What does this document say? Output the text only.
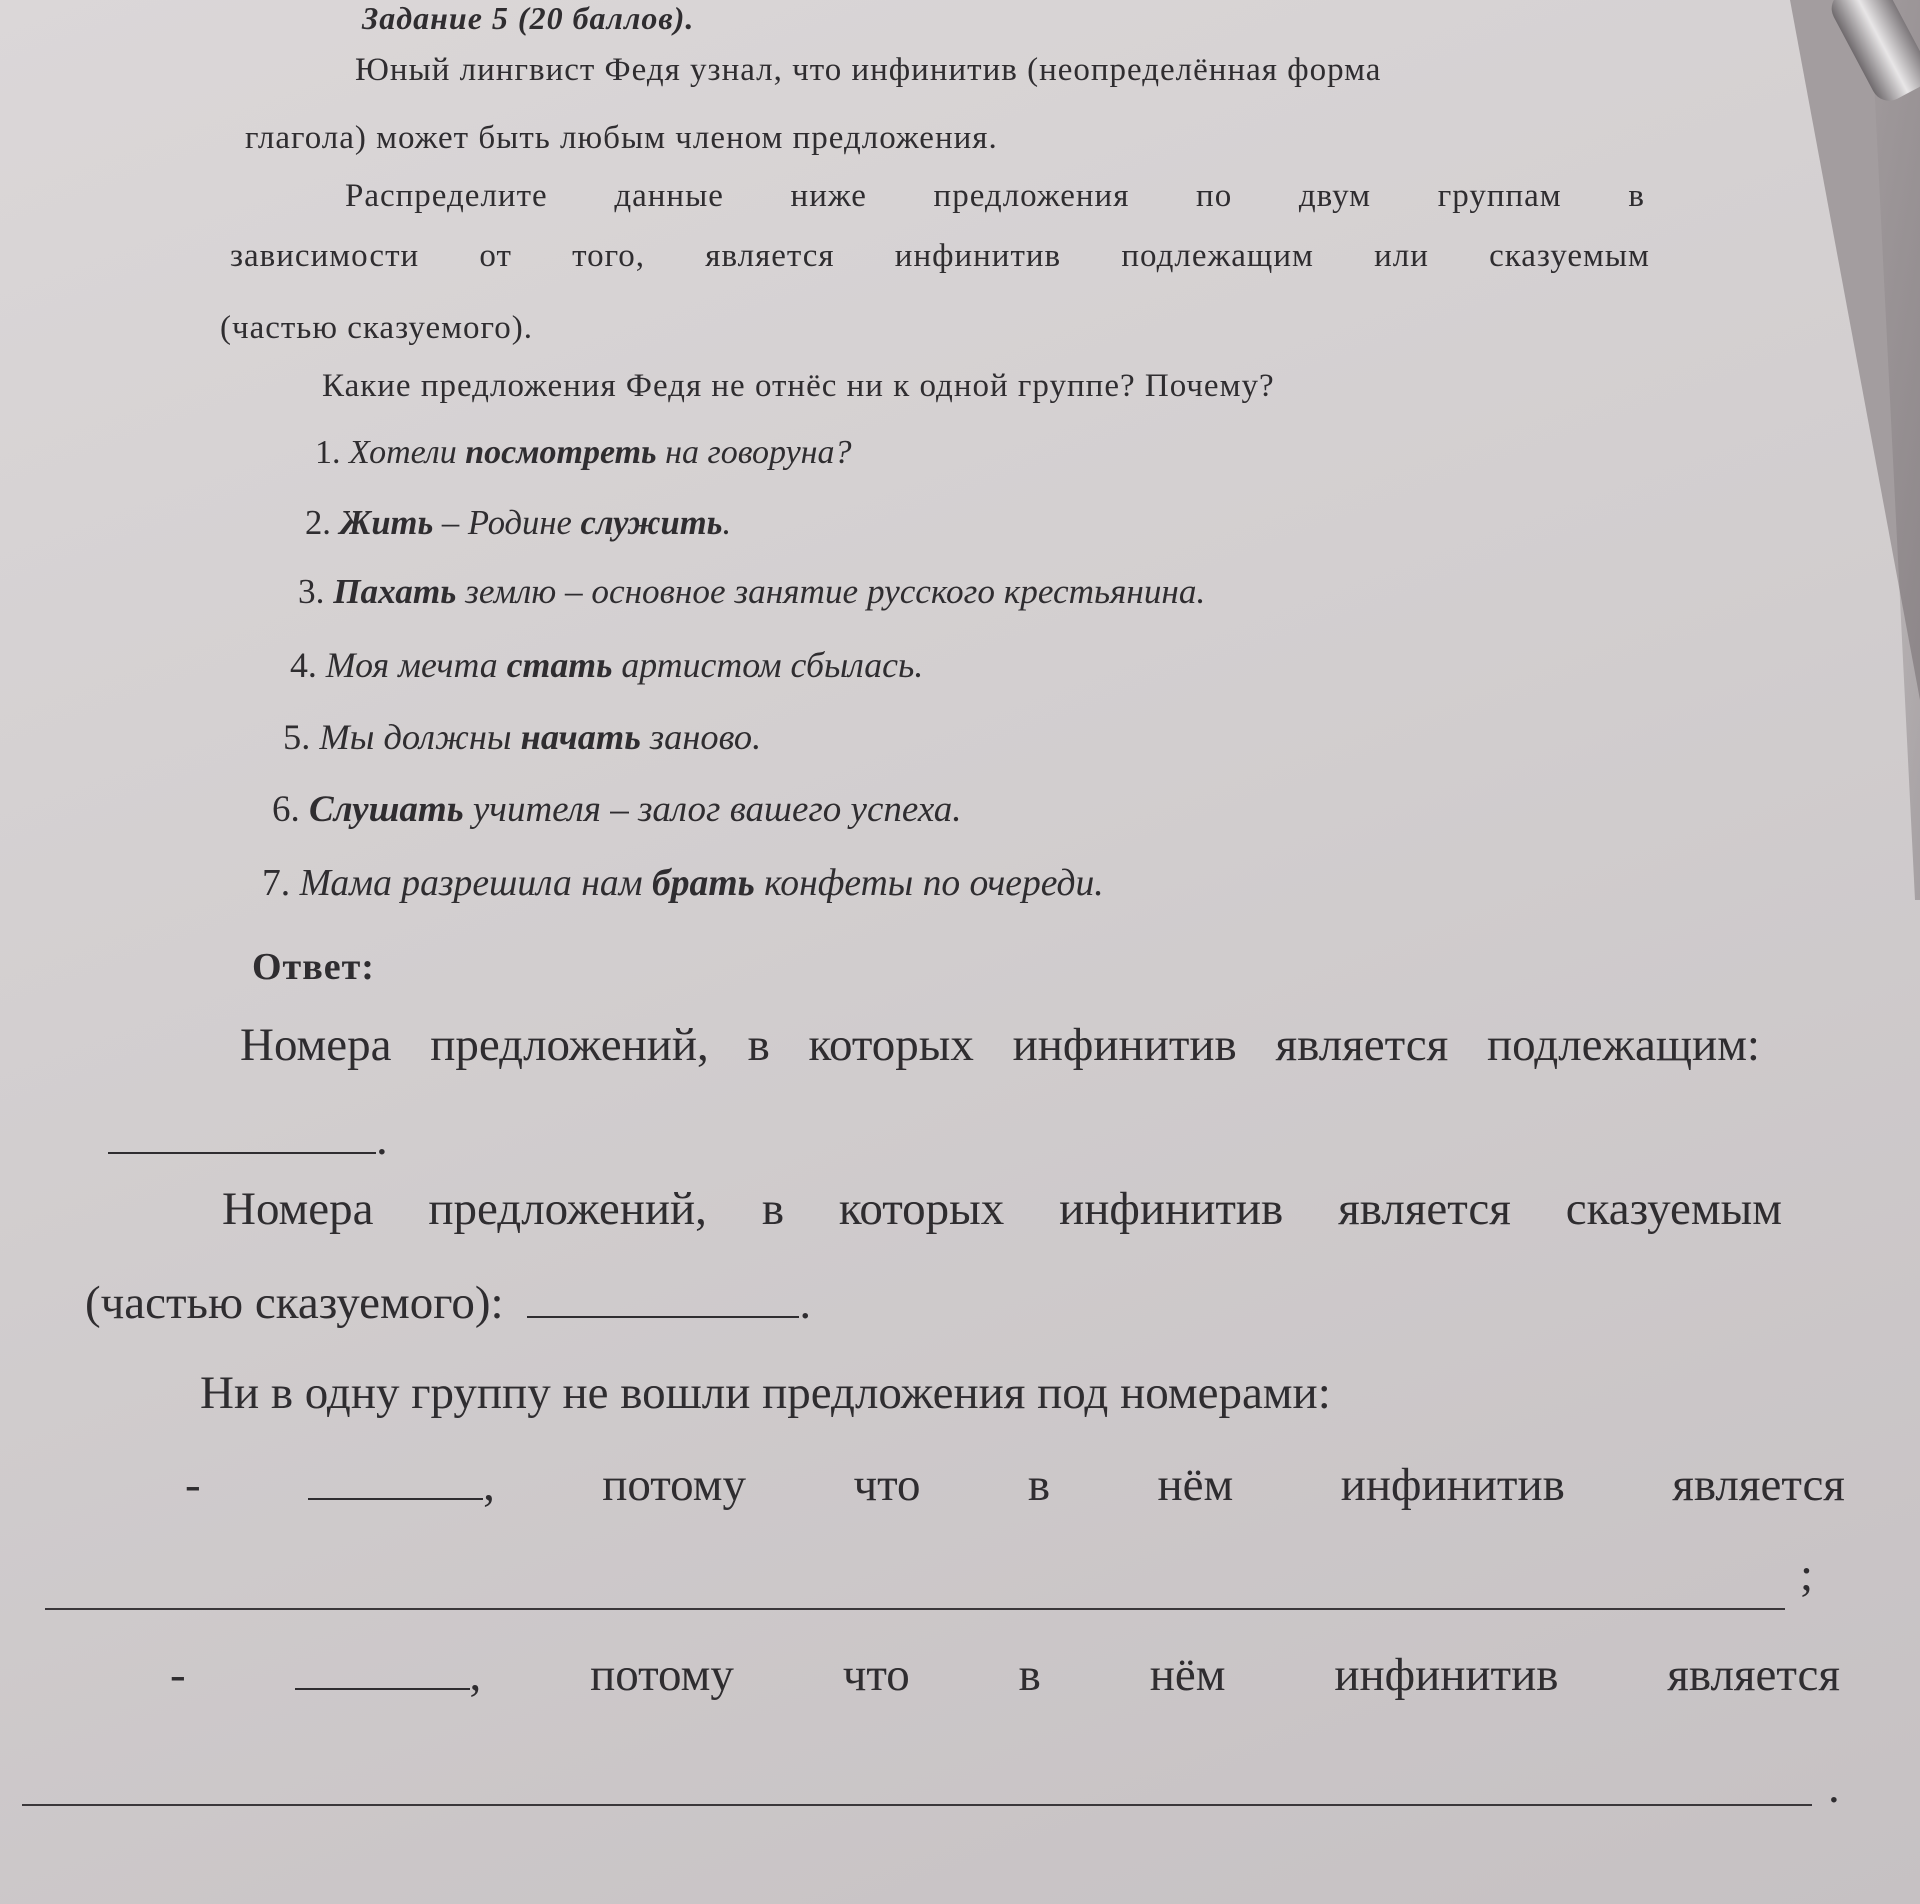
Задание 5 (20 баллов).
Юный лингвист Федя узнал, что инфинитив (неопределённая форма
глагола) может быть любым членом предложения.
Распределите данные ниже предложения по двум группам в
зависимости от того, является инфинитив подлежащим или сказуемым
(частью сказуемого).
Какие предложения Федя не отнёс ни к одной группе? Почему?
1. Хотели посмотреть на говоруна?
2. Жить – Родине служить.
3. Пахать землю – основное занятие русского крестьянина.
4. Моя мечта стать артистом сбылась.
5. Мы должны начать заново.
6. Слушать учителя – залог вашего успеха.
7. Мама разрешила нам брать конфеты по очереди.
Ответ:
Номера предложений, в которых инфинитив является подлежащим:
.
Номера предложений, в которых инфинитив является сказуемым
(частью сказуемого):	.
Ни в одну группу не вошли предложения под номерами:
-	, потому что в нём инфинитив является
;
-	, потому что в нём инфинитив является
.
